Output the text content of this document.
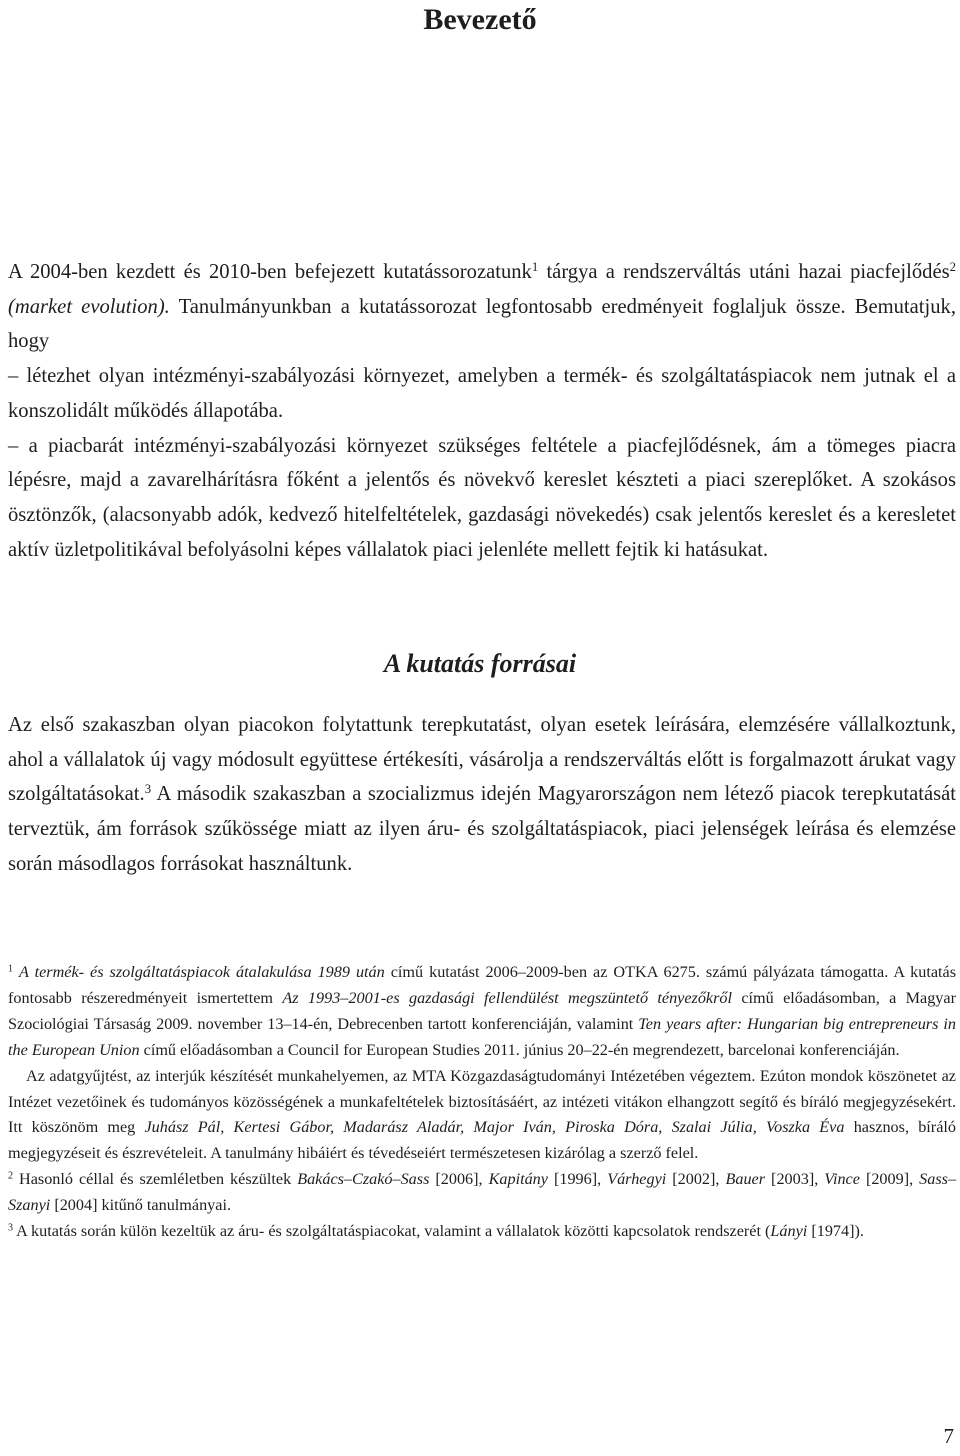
Bevezető

A 2004-ben kezdett és 2010-ben befejezett kutatássorozatunk$^1$ tárgya a rendszerváltás utáni hazai piacfejlődés$^2$ (market evolution). Tanulmányunkban a kutatássorozat legfontosabb eredményeit foglaljuk össze. Bemutatjuk, hogy

– létezhet olyan intézményi-szabályozási környezet, amelyben a termék- és szolgáltatáspiacok nem jutnak el a konszolidált működés állapotába.

– a piacbarát intézményi-szabályozási környezet szükséges feltétele a piacfejlődésnek, ám a tömeges piacra lépésre, majd a zavarelhárításra főként a jelentős és növekvő kereslet készteti a piaci szereplőket. A szokásos ösztönzők, (alacsonyabb adók, kedvező hitelfeltételek, gazdasági növekedés) csak jelentős kereslet és a keresletet aktív üzletpolitikával befolyásolni képes vállalatok piaci jelenléte mellett fejtik ki hatásukat.

A kutatás forrásai

Az első szakaszban olyan piacokon folytattunk terepkutatást, olyan esetek leírására, elemzésére vállalkoztunk, ahol a vállalatok új vagy módosult együttese értékesíti, vásárolja a rendszerváltás előtt is forgalmazott árukat vagy szolgáltatásokat.$^3$ A második szakaszban a szocializmus idején Magyarországon nem létező piacok terepkutatását terveztük, ám források szűkössége miatt az ilyen áru- és szolgáltatáspiacok, piaci jelenségek leírása és elemzése során másodlagos forrásokat használtunk.

$^1$ A termék- és szolgáltatáspiacok átalakulása 1989 után című kutatást 2006–2009-ben az OTKA 6275. számú pályázata támogatta. A kutatás fontosabb részeredményeit ismertettem Az 1993–2001-es gazdasági fellendülést megszüntető tényezőkről című előadásomban, a Magyar Szociológiai Társaság 2009. november 13–14-én, Debrecenben tartott konferenciáján, valamint Ten years after: Hungarian big entrepreneurs in the European Union című előadásomban a Council for European Studies 2011. június 20–22-én megrendezett, barcelonai konferenciáján.

Az adatgyűjtést, az interjúk készítését munkahelyemen, az MTA Közgazdaságtudományi Intézetében végeztem. Ezúton mondok köszönetet az Intézet vezetőinek és tudományos közösségének a munkafeltételek biztosításáért, az intézeti vitákon elhangzott segítő és bíráló megjegyzésekért. Itt köszönöm meg Juhász Pál, Kertesi Gábor, Madarász Aladár, Major Iván, Piroska Dóra, Szalai Júlia, Voszka Éva hasznos, bíráló megjegyzéseit és észrevételeit. A tanulmány hibáiért és tévedéseiért természetesen kizárólag a szerző felel.

$^2$ Hasonló céllal és szemléletben készültek Bakács–Czakó–Sass [2006], Kapitány [1996], Várhegyi [2002], Bauer [2003], Vince [2009], Sass–Szanyi [2004] kitűnő tanulmányai.

$^3$ A kutatás során külön kezeltük az áru- és szolgáltatáspiacokat, valamint a vállalatok közötti kapcsolatok rendszerét (Lányi [1974]).

7
